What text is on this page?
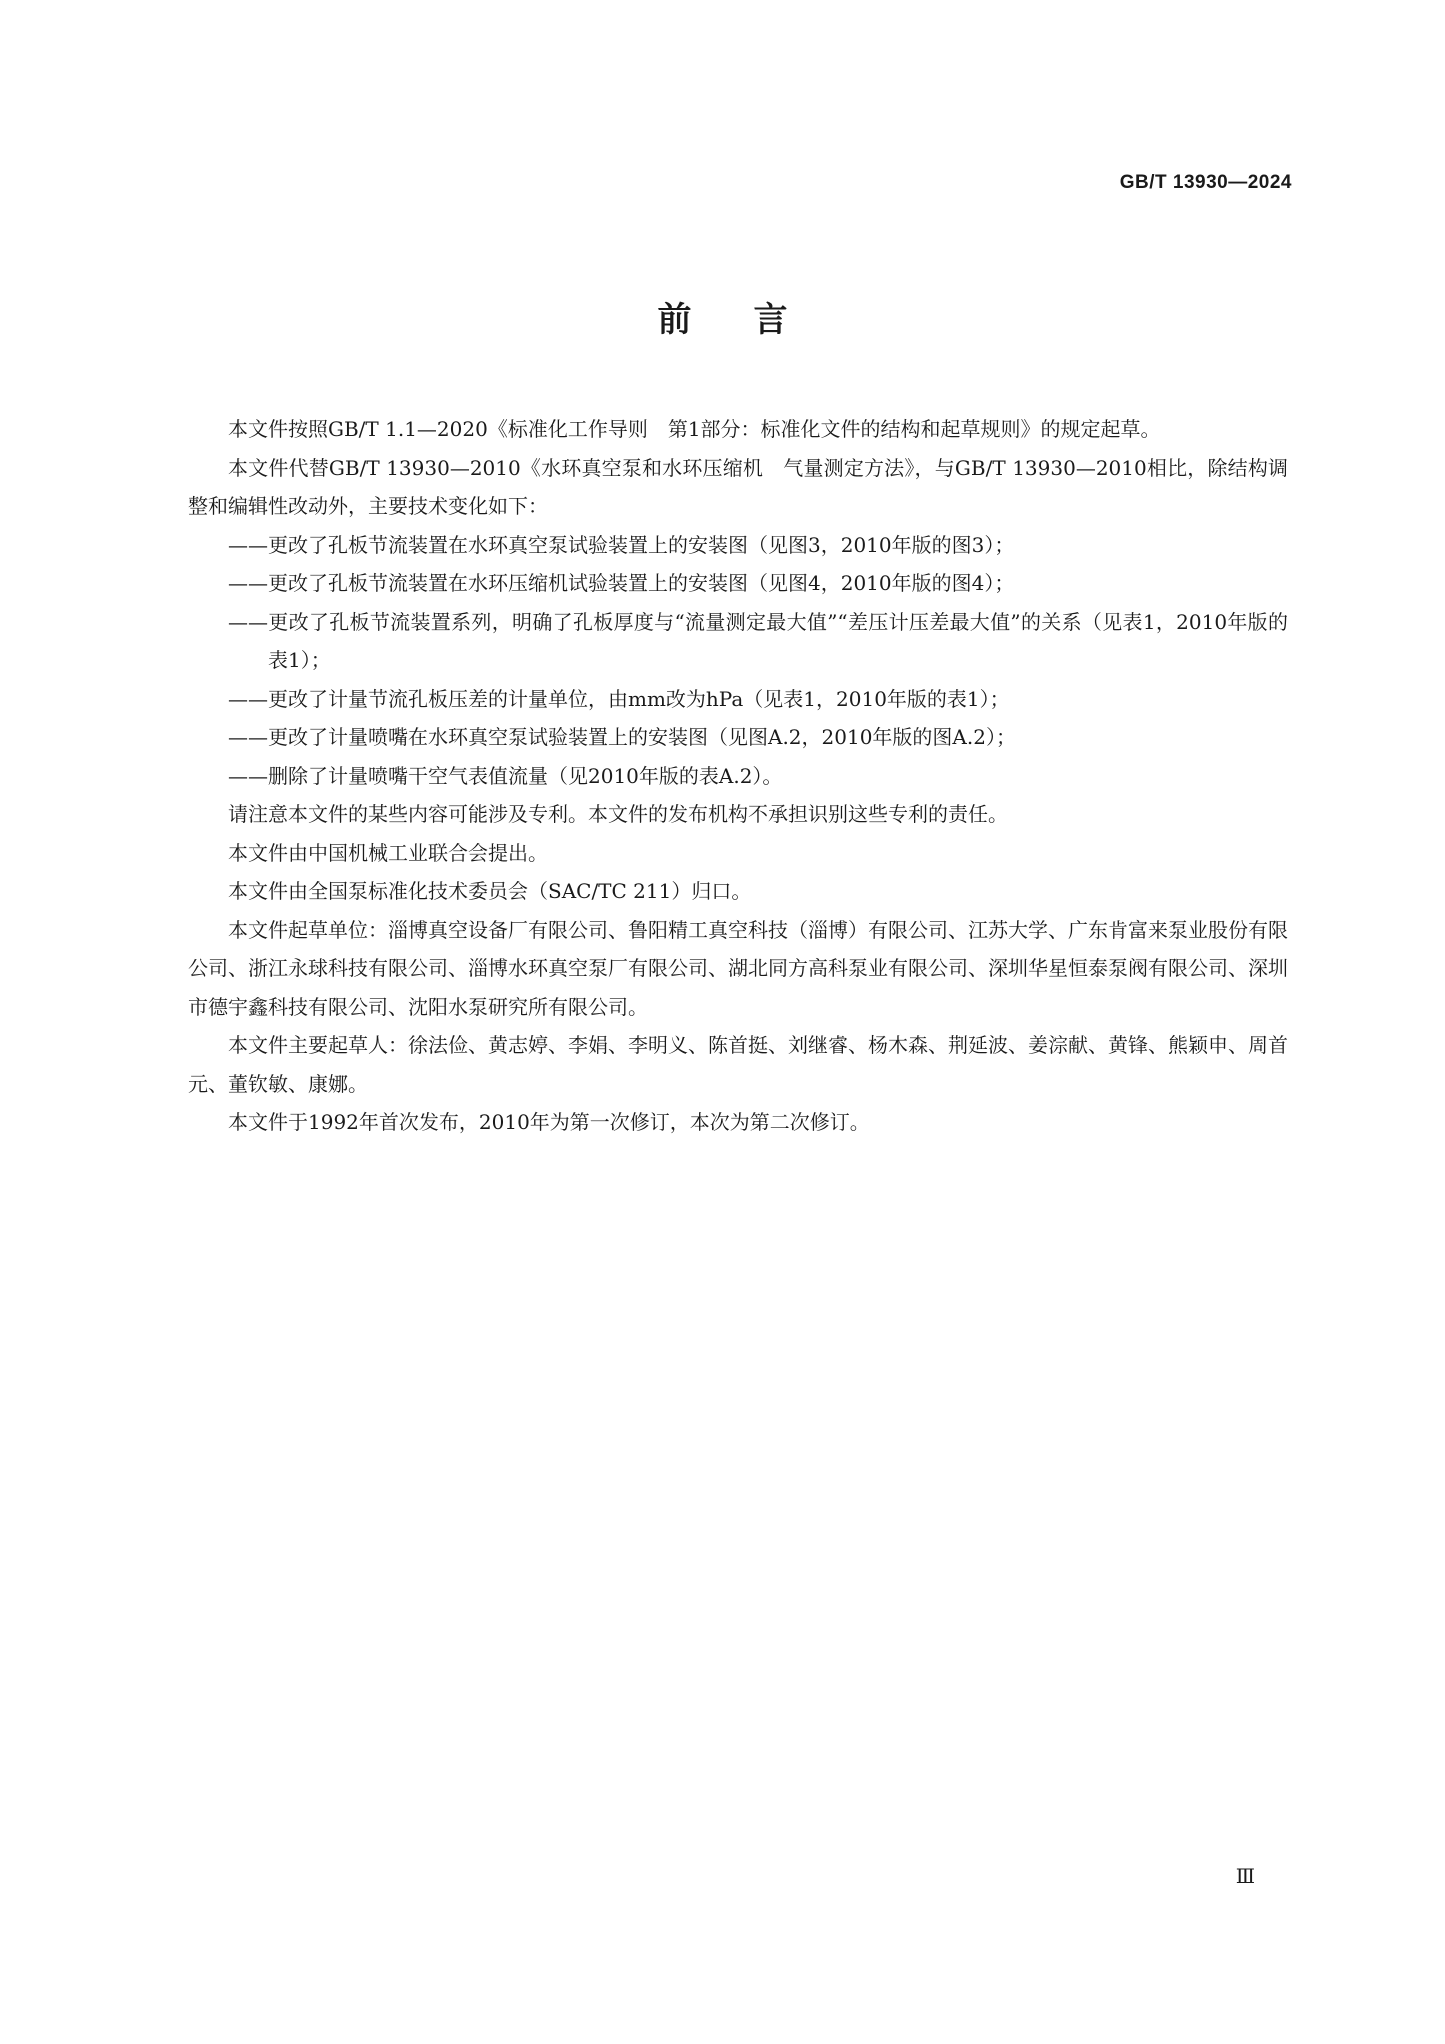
GB/T 13930—2024
前言

本文件按照GB/T 1.1—2020《标准化工作导则　第1部分：标准化文件的结构和起草规则》的规定起草。

本文件代替GB/T 13930—2010《水环真空泵和水环压缩机　气量测定方法》，与GB/T 13930—2010相比，除结构调整和编辑性改动外，主要技术变化如下：

——更改了孔板节流装置在水环真空泵试验装置上的安装图（见图3，2010年版的图3）；

——更改了孔板节流装置在水环压缩机试验装置上的安装图（见图4，2010年版的图4）；

——更改了孔板节流装置系列，明确了孔板厚度与“流量测定最大值”“差压计压差最大值”的关系（见表1，2010年版的表1）；

——更改了计量节流孔板压差的计量单位，由mm改为hPa（见表1，2010年版的表1）；

——更改了计量喷嘴在水环真空泵试验装置上的安装图（见图A.2，2010年版的图A.2）；

——删除了计量喷嘴干空气表值流量（见2010年版的表A.2）。

请注意本文件的某些内容可能涉及专利。本文件的发布机构不承担识别这些专利的责任。

本文件由中国机械工业联合会提出。

本文件由全国泵标准化技术委员会（SAC/TC 211）归口。

本文件起草单位：淄博真空设备厂有限公司、鲁阳精工真空科技（淄博）有限公司、江苏大学、广东肯富来泵业股份有限公司、浙江永球科技有限公司、淄博水环真空泵厂有限公司、湖北同方高科泵业有限公司、深圳华星恒泰泵阀有限公司、深圳市德宇鑫科技有限公司、沈阳水泵研究所有限公司。

本文件主要起草人：徐法俭、黄志婷、李娟、李明义、陈首挺、刘继睿、杨木森、荆延波、姜淙献、黄锋、熊颖申、周首元、董钦敏、康娜。

本文件于1992年首次发布，2010年为第一次修订，本次为第二次修订。

Ⅲ
